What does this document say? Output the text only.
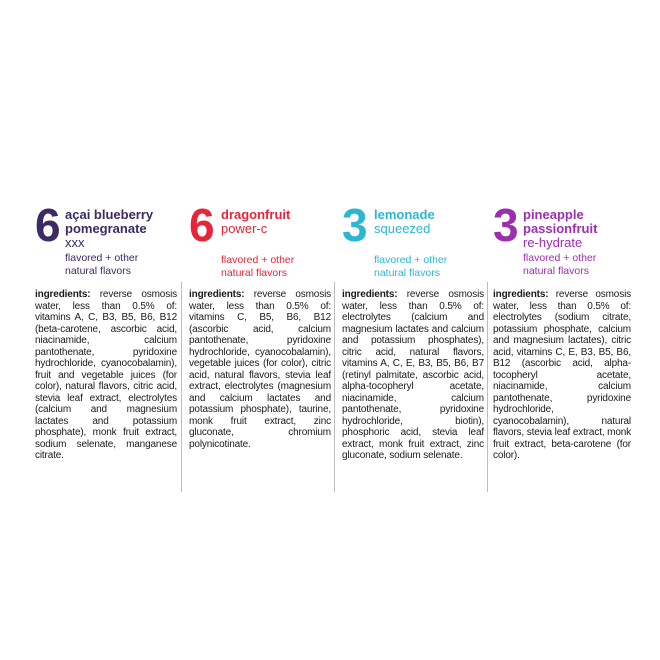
6 açai blueberry
pomegranate
xxx
flavored + other
natural flavors
ingredients: reverse osmosis water, less than 0.5% of: vitamins A, C, B3, B5, B6, B12 (beta-carotene, ascorbic acid, niacinamide, calcium pantothenate, pyridoxine hydrochloride, cyanocobalamin), fruit and vegetable juices (for color), natural flavors, citric acid, stevia leaf extract, electrolytes (calcium and magnesium lactates and potassium phosphate), monk fruit extract, sodium selenate, manganese citrate.
6 dragonfruit
power-c
flavored + other
natural flavors
ingredients: reverse osmosis water, less than 0.5% of: vitamins C, B5, B6, B12 (ascorbic acid, calcium pantothenate, pyridoxine hydrochloride, cyanocobalamin), vegetable juices (for color), citric acid, natural flavors, stevia leaf extract, electrolytes (magnesium and calcium lactates and potassium phosphate), taurine, monk fruit extract, zinc gluconate, chromium polynicotinate.
3 lemonade
squeezed
flavored + other
natural flavors
ingredients: reverse osmosis water, less than 0.5% of: electrolytes (calcium and magnesium lactates and calcium and potassium phosphates), citric acid, natural flavors, vitamins A, C, E, B3, B5, B6, B7 (retinyl palmitate, ascorbic acid, alpha-tocopheryl acetate, niacinamide, calcium pantothenate, pyridoxine hydrochloride, biotin), phosphoric acid, stevia leaf extract, monk fruit extract, zinc gluconate, sodium selenate.
3 pineapple
passionfruit
re-hydrate
flavored + other
natural flavors
ingredients: reverse osmosis water, less than 0.5% of: electrolytes (sodium citrate, potassium phosphate, calcium and magnesium lactates), citric acid, vitamins C, E, B3, B5, B6, B12 (ascorbic acid, alpha-tocopheryl acetate, niacinamide, calcium pantothenate, pyridoxine hydrochloride, cyanocobalamin), natural flavors, stevia leaf extract, monk fruit extract, beta-carotene (for color).
